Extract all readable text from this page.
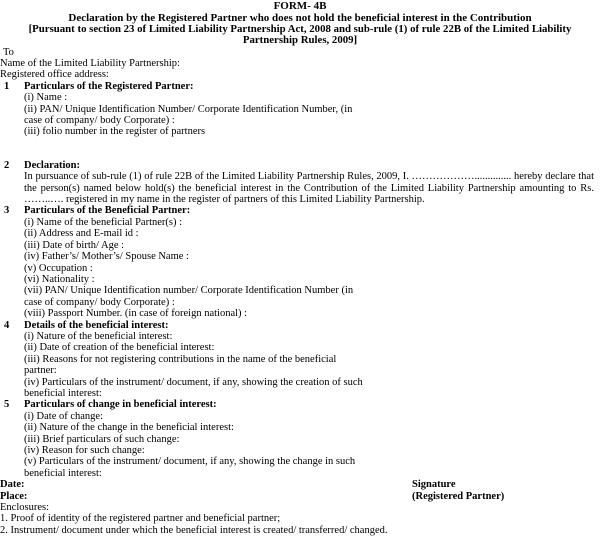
FORM- 4B
Declaration by the Registered Partner who does not hold the beneficial interest in the Contribution
[Pursuant to section 23 of Limited Liability Partnership Act, 2008 and sub-rule (1) of rule 22B of the Limited Liability Partnership Rules, 2009]
To
Name of the Limited Liability Partnership:
Registered office address:
1 Particulars of the Registered Partner:
(i) Name :
(ii) PAN/ Unique Identification Number/ Corporate Identification Number, (in
case of company/ body Corporate) :
(iii) folio number in the register of partners
2 Declaration:
In pursuance of sub-rule (1) of rule 22B of the Limited Liability Partnership Rules, 2009, I. ……………….............. hereby declare that the person(s) named below hold(s) the beneficial interest in the Contribution of the Limited Liability Partnership amounting to Rs. ……..…. registered in my name in the register of partners of this Limited Liability Partnership.
3 Particulars of the Beneficial Partner:
(i) Name of the beneficial Partner(s) :
(ii) Address and E-mail id :
(iii) Date of birth/ Age :
(iv) Father’s/ Mother’s/ Spouse Name :
(v) Occupation :
(vi) Nationality :
(vii) PAN/ Unique Identification number/ Corporate Identification Number (in
case of company/ body Corporate) :
(viii) Passport Number. (in case of foreign national) :
4 Details of the beneficial interest:
(i) Nature of the beneficial interest:
(ii) Date of creation of the beneficial interest:
(iii) Reasons for not registering contributions in the name of the beneficial
partner:
(iv) Particulars of the instrument/ document, if any, showing the creation of such
beneficial interest:
5 Particulars of change in beneficial interest:
(i) Date of change:
(ii) Nature of the change in the beneficial interest:
(iii) Brief particulars of such change:
(iv) Reason for such change:
(v) Particulars of the instrument/ document, if any, showing the change in such
beneficial interest:
Date:	Signature
Place:	(Registered Partner)
Enclosures:
1. Proof of identity of the registered partner and beneficial partner;
2. Instrument/ document under which the beneficial interest is created/ transferred/ changed.
